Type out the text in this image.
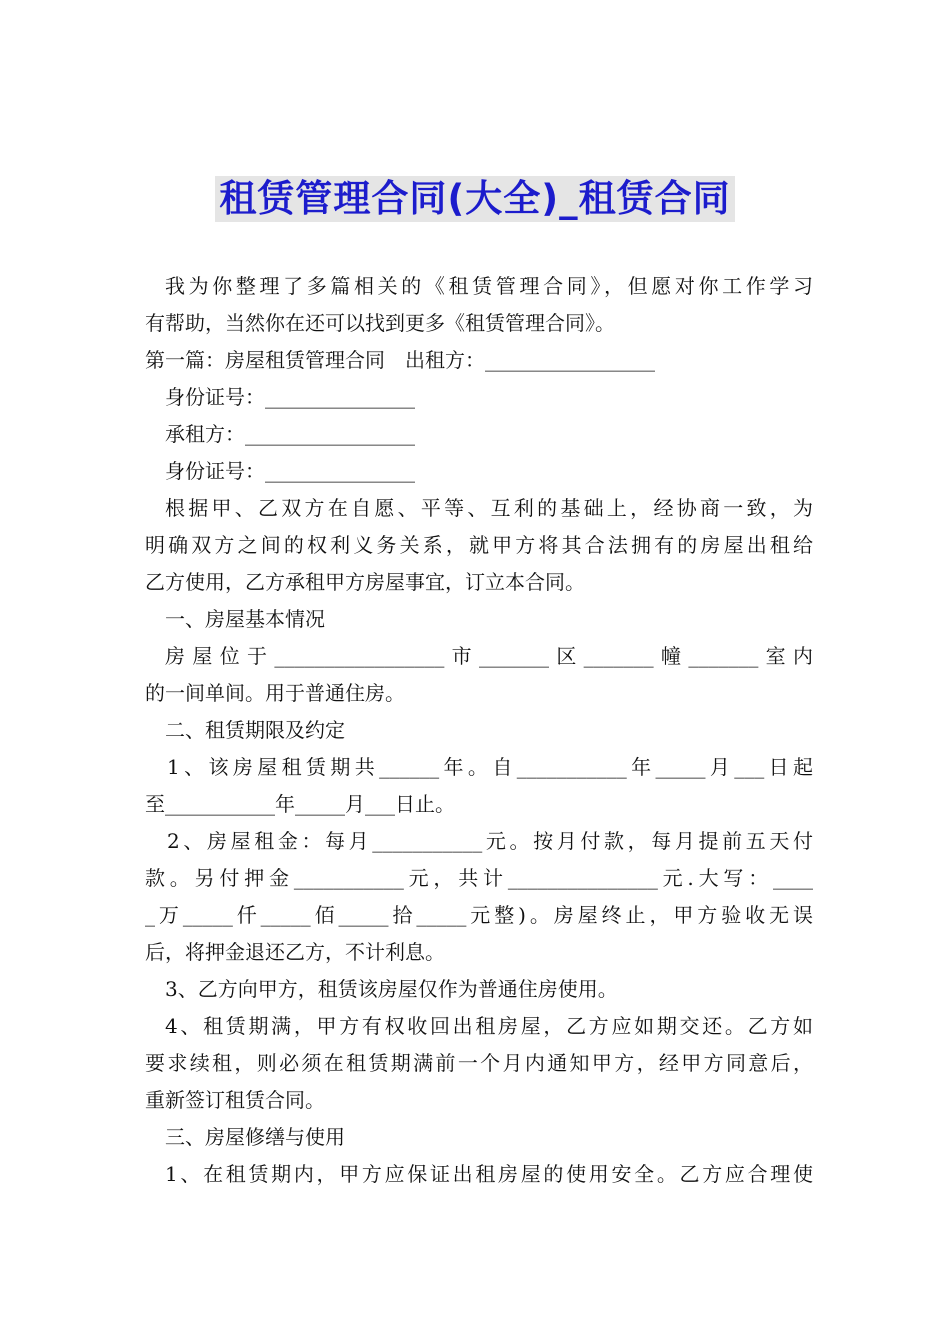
租赁管理合同(大全)_租赁合同
我为你整理了多篇相关的《租赁管理合同》，但愿对你工作学习
有帮助，当然你在还可以找到更多《租赁管理合同》。
第一篇：房屋租赁管理合同　出租方：_________________
身份证号：_______________
承租方：_________________
身份证号：_______________
根据甲、乙双方在自愿、平等、互利的基础上，经协商一致，为
明确双方之间的权利义务关系，就甲方将其合法拥有的房屋出租给
乙方使用，乙方承租甲方房屋事宜，订立本合同。
一、房屋基本情况
房屋位于_________________市_______区_______幢_______室内
的一间单间。用于普通住房。
二、租赁期限及约定
1、该房屋租赁期共______年。自___________年_____月___日起
至___________年_____月___日止。
2、房屋租金：每月___________元。按月付款，每月提前五天付
款。另付押金___________元，共计_______________元.大写：____
_万_____仟_____佰_____拾_____元整)。房屋终止，甲方验收无误
后，将押金退还乙方，不计利息。
3、乙方向甲方，租赁该房屋仅作为普通住房使用。
4、租赁期满，甲方有权收回出租房屋，乙方应如期交还。乙方如
要求续租，则必须在租赁期满前一个月内通知甲方，经甲方同意后，
重新签订租赁合同。
三、房屋修缮与使用
1、在租赁期内，甲方应保证出租房屋的使用安全。乙方应合理使
